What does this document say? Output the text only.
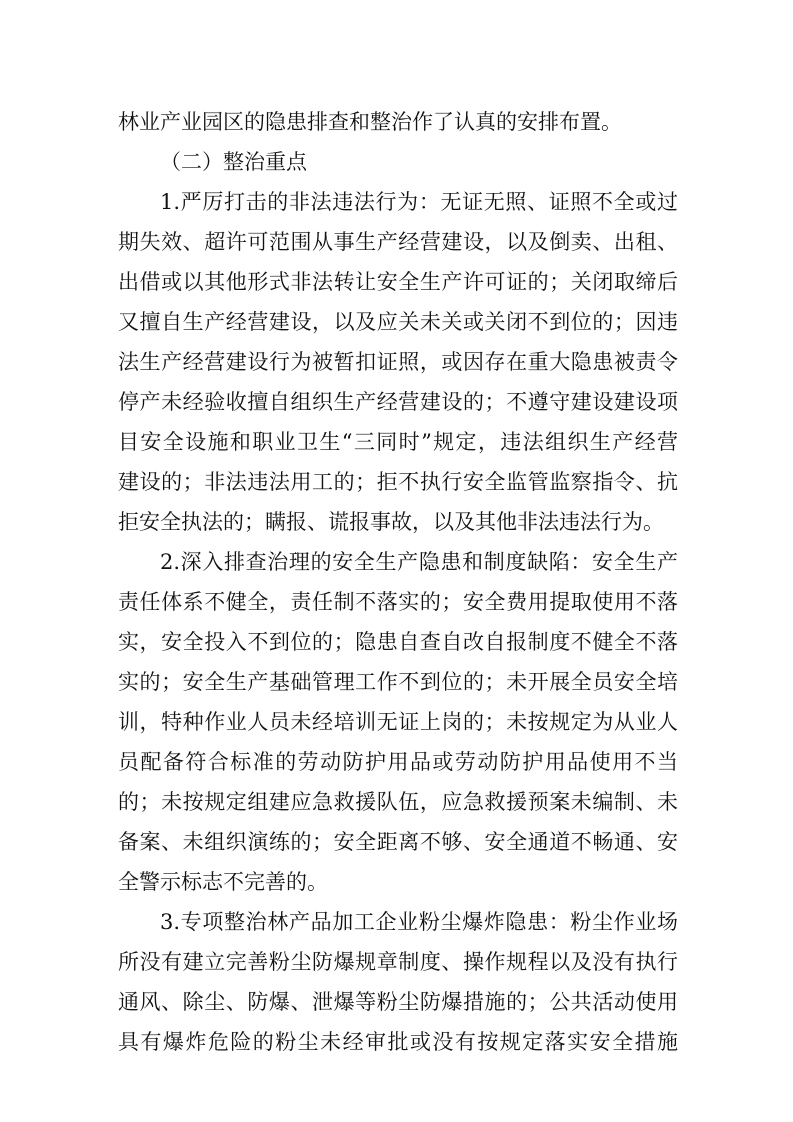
林业产业园区的隐患排查和整治作了认真的安排布置。
（二）整治重点
1.严厉打击的非法违法行为：无证无照、证照不全或过
期失效、超许可范围从事生产经营建设，以及倒卖、出租、
出借或以其他形式非法转让安全生产许可证的；关闭取缔后
又擅自生产经营建设，以及应关未关或关闭不到位的；因违
法生产经营建设行为被暂扣证照，或因存在重大隐患被责令
停产未经验收擅自组织生产经营建设的；不遵守建设建设项
目安全设施和职业卫生“三同时”规定，违法组织生产经营
建设的；非法违法用工的；拒不执行安全监管监察指令、抗
拒安全执法的；瞒报、谎报事故，以及其他非法违法行为。
2.深入排查治理的安全生产隐患和制度缺陷：安全生产
责任体系不健全，责任制不落实的；安全费用提取使用不落
实，安全投入不到位的；隐患自查自改自报制度不健全不落
实的；安全生产基础管理工作不到位的；未开展全员安全培
训，特种作业人员未经培训无证上岗的；未按规定为从业人
员配备符合标准的劳动防护用品或劳动防护用品使用不当
的；未按规定组建应急救援队伍，应急救援预案未编制、未
备案、未组织演练的；安全距离不够、安全通道不畅通、安
全警示标志不完善的。
3.专项整治林产品加工企业粉尘爆炸隐患：粉尘作业场
所没有建立完善粉尘防爆规章制度、操作规程以及没有执行
通风、除尘、防爆、泄爆等粉尘防爆措施的；公共活动使用
具有爆炸危险的粉尘未经审批或没有按规定落实安全措施
